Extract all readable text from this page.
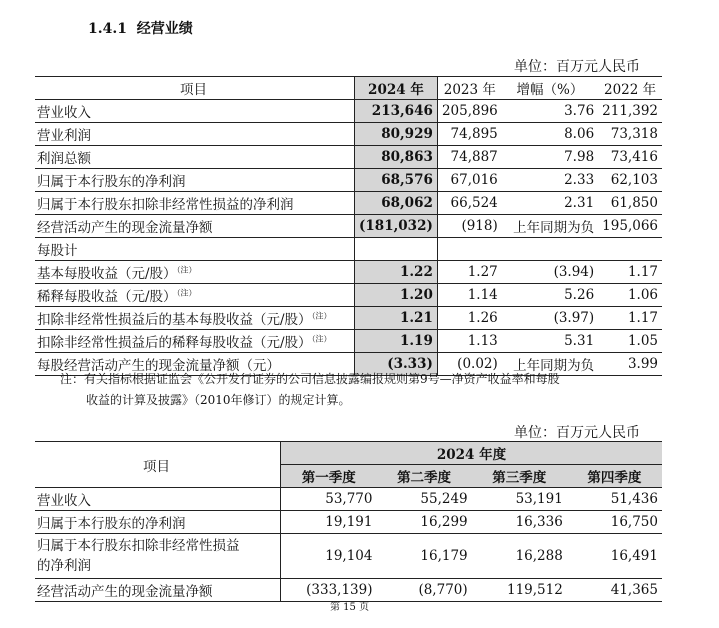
1.4.1 经营业绩
单位：百万元人民币
项目	2024 年	2023 年	增幅（%）	2022 年
营业收入	213,646	205,896	3.76	211,392
营业利润	80,929	74,895	8.06	73,318
利润总额	80,863	74,887	7.98	73,416
归属于本行股东的净利润	68,576	67,016	2.33	62,103
归属于本行股东扣除非经常性损益的净利润	68,062	66,524	2.31	61,850
经营活动产生的现金流量净额	(181,032)	(918)	上年同期为负	195,066
每股计				
基本每股收益（元/股）$^{(注)}$	1.22	1.27	(3.94)	1.17
稀释每股收益（元/股）$^{(注)}$	1.20	1.14	5.26	1.06
扣除非经常性损益后的基本每股收益（元/股）$^{(注)}$	1.21	1.26	(3.97)	1.17
扣除非经常性损益后的稀释每股收益（元/股）$^{(注)}$	1.19	1.13	5.31	1.05
每股经营活动产生的现金流量净额（元）	(3.33)	(0.02)	上年同期为负	3.99
注：有关指标根据证监会《公开发行证券的公司信息披露编报规则第9号—净资产收益率和每股
收益的计算及披露》（2010年修订）的规定计算。
单位：百万元人民币
项目	2024 年度			
	第一季度	第二季度	第三季度	第四季度
营业收入	53,770	55,249	53,191	51,436
归属于本行股东的净利润	19,191	16,299	16,336	16,750

归属于本行股东扣除非经常性损益
的净利润	19,104	16,179	16,288	16,491
经营活动产生的现金流量净额	(333,139)	(8,770)	119,512	41,365
第 15 页
